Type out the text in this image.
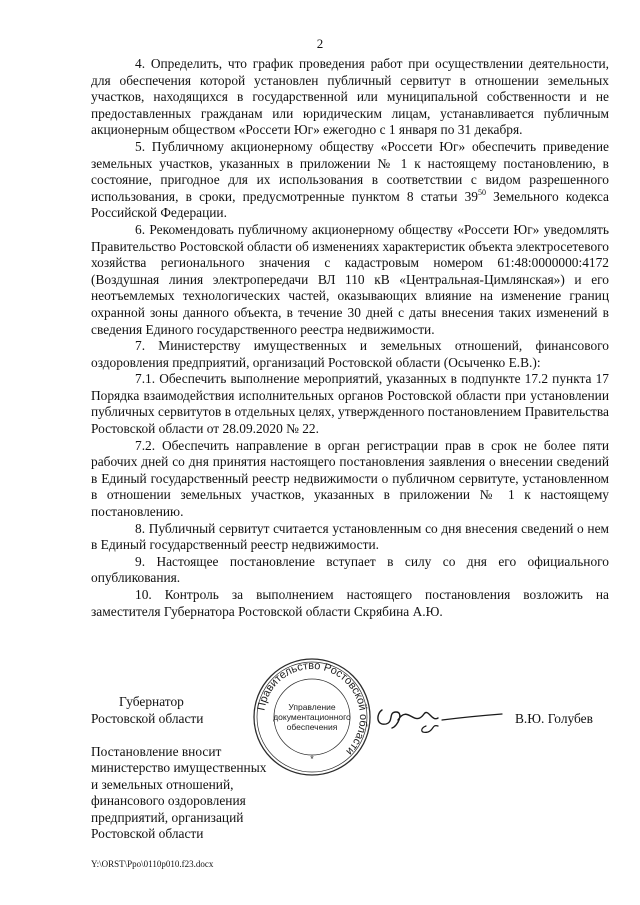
2

4. Определить, что график проведения работ при осуществлении деятельности, для обеспечения которой установлен публичный сервитут в отношении земельных участков, находящихся в государственной или муниципальной собственности и не предоставленных гражданам или юридическим лицам, устанавливается публичным акционерным обществом «Россети Юг» ежегодно с 1 января по 31 декабря.

5. Публичному акционерному обществу «Россети Юг» обеспечить приведение земельных участков, указанных в приложении № 1 к настоящему постановлению, в состояние, пригодное для их использования в соответствии с видом разрешенного использования, в сроки, предусмотренные пунктом 8 статьи $39^{50}$ Земельного кодекса Российской Федерации.

6. Рекомендовать публичному акционерному обществу «Россети Юг» уведомлять Правительство Ростовской области об изменениях характеристик объекта электросетевого хозяйства регионального значения с кадастровым номером 61:48:0000000:4172 (Воздушная линия электропередачи ВЛ 110 кВ «Центральная-Цимлянская») и его неотъемлемых технологических частей, оказывающих влияние на изменение границ охранной зоны данного объекта, в течение 30 дней с даты внесения таких изменений в сведения Единого государственного реестра недвижимости.

7. Министерству имущественных и земельных отношений, финансового оздоровления предприятий, организаций Ростовской области (Осыченко Е.В.):

7.1. Обеспечить выполнение мероприятий, указанных в подпункте 17.2 пункта 17 Порядка взаимодействия исполнительных органов Ростовской области при установлении публичных сервитутов в отдельных целях, утвержденного постановлением Правительства Ростовской области от 28.09.2020 № 22.

7.2. Обеспечить направление в орган регистрации прав в срок не более пяти рабочих дней со дня принятия настоящего постановления заявления о внесении сведений в Единый государственный реестр недвижимости о публичном сервитуте, установленном в отношении земельных участков, указанных в приложении № 1 к настоящему постановлению.

8. Публичный сервитут считается установленным со дня внесения сведений о нем в Единый государственный реестр недвижимости.

9. Настоящее постановление вступает в силу со дня его официального опубликования.

10. Контроль за выполнением настоящего постановления возложить на заместителя Губернатора Ростовской области Скрябина А.Ю.

Правительство Ростовской области
Управление
документационного
обеспечения
*
Губернатор
Ростовской области	В.Ю. Голубев
Постановление вносит
министерство имущественных
и земельных отношений,
финансового оздоровления
предприятий, организаций
Ростовской области
Y:\ORST\Ppo\0110p010.f23.docx
